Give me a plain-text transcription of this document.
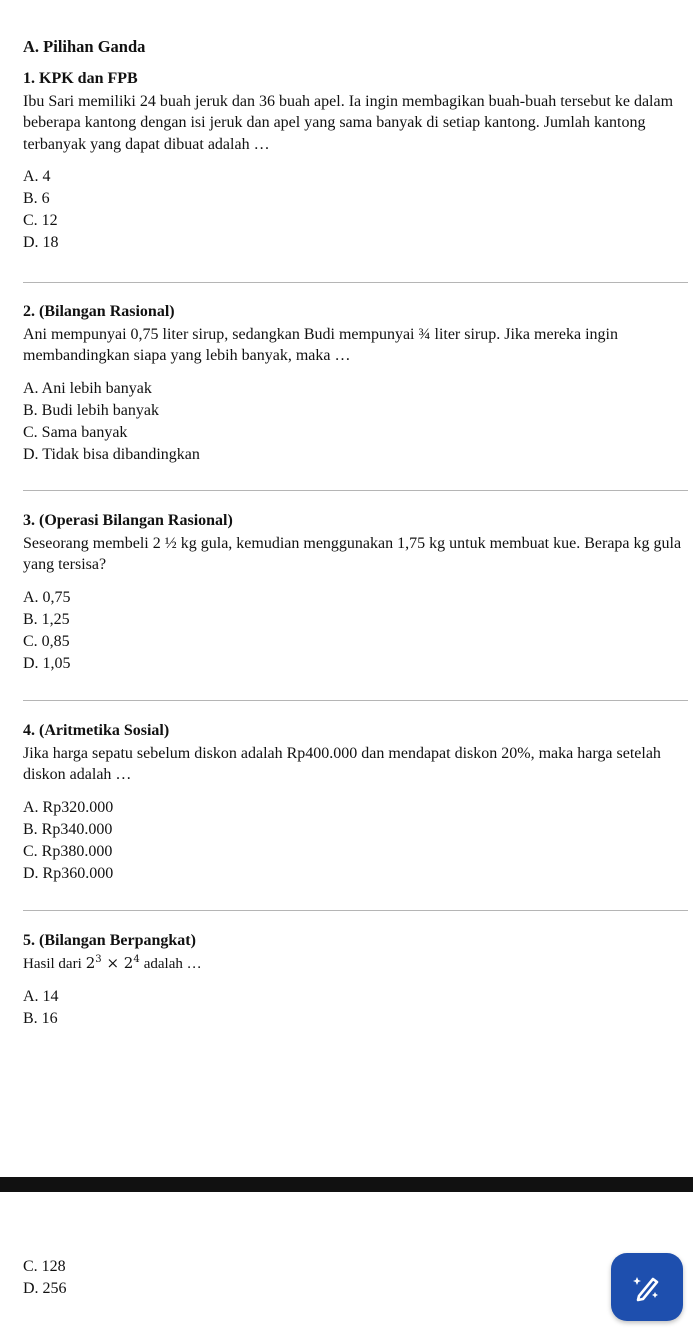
A. Pilihan Ganda
1. KPK dan FPB

Ibu Sari memiliki 24 buah jeruk dan 36 buah apel. Ia ingin membagikan buah-buah tersebut ke dalam beberapa kantong dengan isi jeruk dan apel yang sama banyak di setiap kantong. Jumlah kantong terbanyak yang dapat dibuat adalah …

A. 4
B. 6
C. 12
D. 18
2. (Bilangan Rasional)

Ani mempunyai 0,75 liter sirup, sedangkan Budi mempunyai ¾ liter sirup. Jika mereka ingin membandingkan siapa yang lebih banyak, maka …

A. Ani lebih banyak
B. Budi lebih banyak
C. Sama banyak
D. Tidak bisa dibandingkan
3. (Operasi Bilangan Rasional)

Seseorang membeli 2 ½ kg gula, kemudian menggunakan 1,75 kg untuk membuat kue. Berapa kg gula yang tersisa?

A. 0,75
B. 1,25
C. 0,85
D. 1,05
4. (Aritmetika Sosial)

Jika harga sepatu sebelum diskon adalah Rp400.000 dan mendapat diskon 20%, maka harga setelah diskon adalah …

A. Rp320.000
B. Rp340.000
C. Rp380.000
D. Rp360.000
5. (Bilangan Berpangkat)

Hasil dari $2^3 \times 2^4$ adalah …

A. 14
B. 16
C. 128
D. 256
